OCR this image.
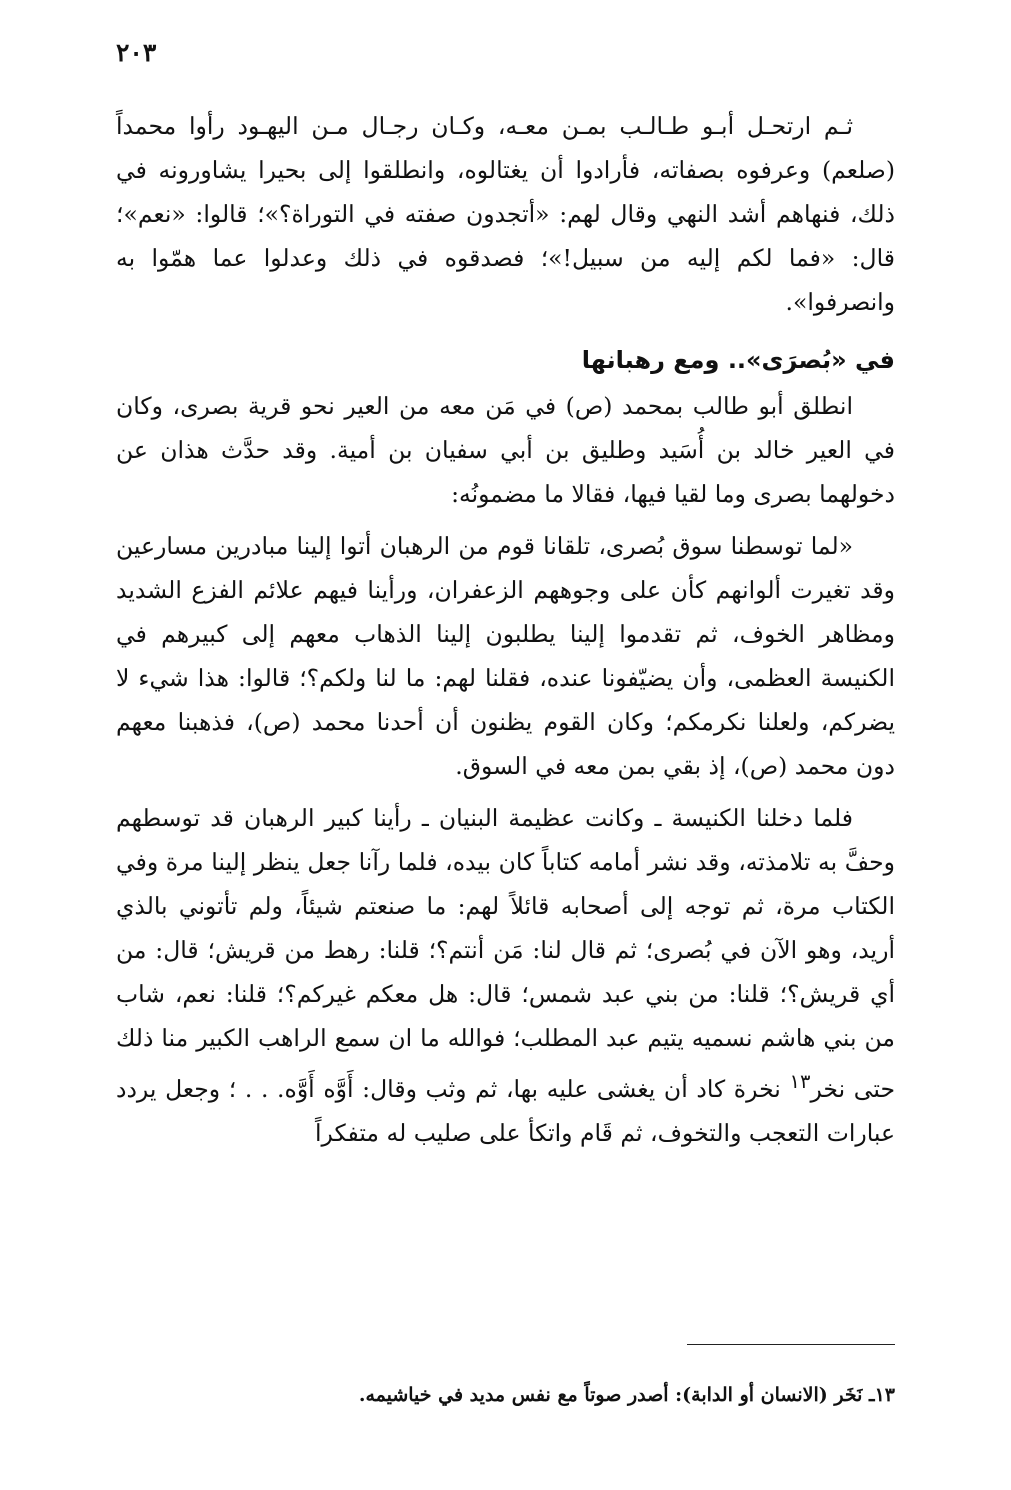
٢٠٣

ثـم ارتحـل أبـو طـالـب بمـن معـه، وكـان رجـال مـن اليهـود رأوا محمداً (صلعم) وعرفوه بصفاته، فأرادوا أن يغتالوه، وانطلقوا إلى بحيرا يشاورونه في ذلك، فنهاهم أشد النهي وقال لهم: «أتجدون صفته في التوراة؟»؛ قالوا: «نعم»؛ قال: «فما لكم إليه من سبيل!»؛ فصدقوه في ذلك وعدلوا عما همّوا به وانصرفوا».

في «بُصرَى».. ومع رهبانها

انطلق أبو طالب بمحمد (ص) في مَن معه من العير نحو قرية بصرى، وكان في العير خالد بن أُسَيد وطليق بن أبي سفيان بن أمية. وقد حدَّث هذان عن دخولهما بصرى وما لقيا فيها، فقالا ما مضمونُه:

«لما توسطنا سوق بُصرى، تلقانا قوم من الرهبان أتوا إلينا مبادرين مسارعين وقد تغيرت ألوانهم كأن على وجوههم الزعفران، ورأينا فيهم علائم الفزع الشديد ومظاهر الخوف، ثم تقدموا إلينا يطلبون إلينا الذهاب معهم إلى كبيرهم في الكنيسة العظمى، وأن يضيّفونا عنده، فقلنا لهم: ما لنا ولكم؟؛ قالوا: هذا شيء لا يضركم، ولعلنا نكرمكم؛ وكان القوم يظنون أن أحدنا محمد (ص)، فذهبنا معهم دون محمد (ص)، إذ بقي بمن معه في السوق.

فلما دخلنا الكنيسة ـ وكانت عظيمة البنيان ـ رأينا كبير الرهبان قد توسطهم وحفَّ به تلامذته، وقد نشر أمامه كتاباً كان بيده، فلما رآنا جعل ينظر إلينا مرة وفي الكتاب مرة، ثم توجه إلى أصحابه قائلاً لهم: ما صنعتم شيئاً، ولم تأتوني بالذي أريد، وهو الآن في بُصرى؛ ثم قال لنا: مَن أنتم؟؛ قلنا: رهط من قريش؛ قال: من أي قريش؟؛ قلنا: من بني عبد شمس؛ قال: هل معكم غيركم؟؛ قلنا: نعم، شاب من بني هاشم نسميه يتيم عبد المطلب؛ فوالله ما ان سمع الراهب الكبير منا ذلك حتى نخر$^{١٣}$ نخرة كاد أن يغشى عليه بها، ثم وثب وقال: أَوَّه أَوَّه. . . ؛ وجعل يردد عبارات التعجب والتخوف، ثم قَام واتكأ على صليب له متفكراً

١٣ـ نَخَر (الانسان أو الدابة): أصدر صوتاً مع نفس مديد في خياشيمه.
